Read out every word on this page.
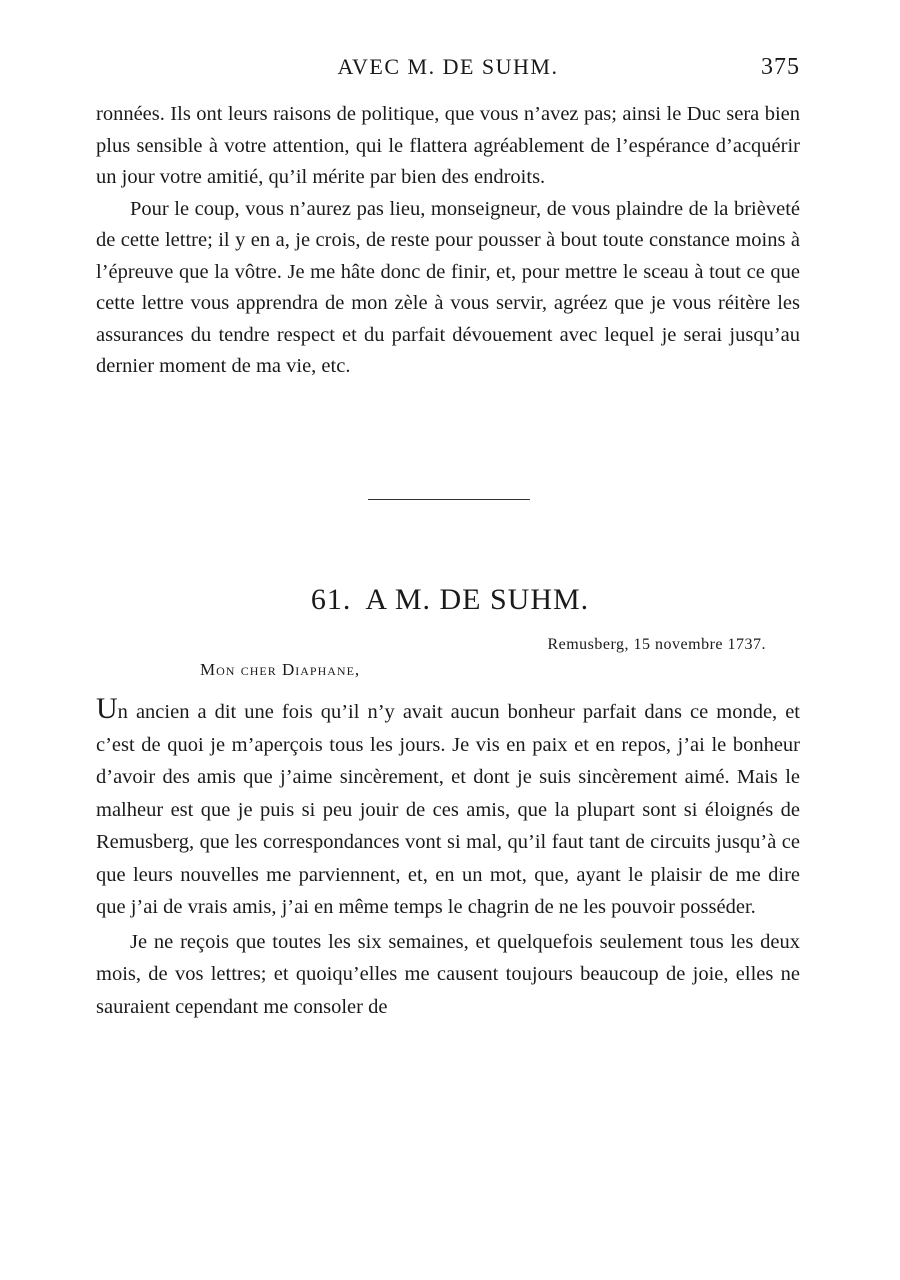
AVEC M. DE SUHM.	375

ronnées. Ils ont leurs raisons de politique, que vous n’avez pas; ainsi le Duc sera bien plus sensible à votre attention, qui le flattera agréablement de l’espérance d’acquérir un jour votre amitié, qu’il mérite par bien des endroits.

Pour le coup, vous n’aurez pas lieu, monseigneur, de vous plaindre de la brièveté de cette lettre; il y en a, je crois, de reste pour pousser à bout toute constance moins à l’épreuve que la vôtre. Je me hâte donc de finir, et, pour mettre le sceau à tout ce que cette lettre vous apprendra de mon zèle à vous servir, agréez que je vous réitère les assurances du tendre respect et du parfait dévouement avec lequel je serai jusqu’au dernier moment de ma vie, etc.

61. A M. DE SUHM.
Remusberg, 15 novembre 1737.
Mon cher Diaphane,

Un ancien a dit une fois qu’il n’y avait aucun bonheur parfait dans ce monde, et c’est de quoi je m’aperçois tous les jours. Je vis en paix et en repos, j’ai le bonheur d’avoir des amis que j’aime sincèrement, et dont je suis sincèrement aimé. Mais le malheur est que je puis si peu jouir de ces amis, que la plupart sont si éloignés de Remusberg, que les correspondances vont si mal, qu’il faut tant de circuits jusqu’à ce que leurs nouvelles me parviennent, et, en un mot, que, ayant le plaisir de me dire que j’ai de vrais amis, j’ai en même temps le chagrin de ne les pouvoir posséder.

Je ne reçois que toutes les six semaines, et quelquefois seulement tous les deux mois, de vos lettres; et quoiqu’elles me causent toujours beaucoup de joie, elles ne sauraient cependant me consoler de
